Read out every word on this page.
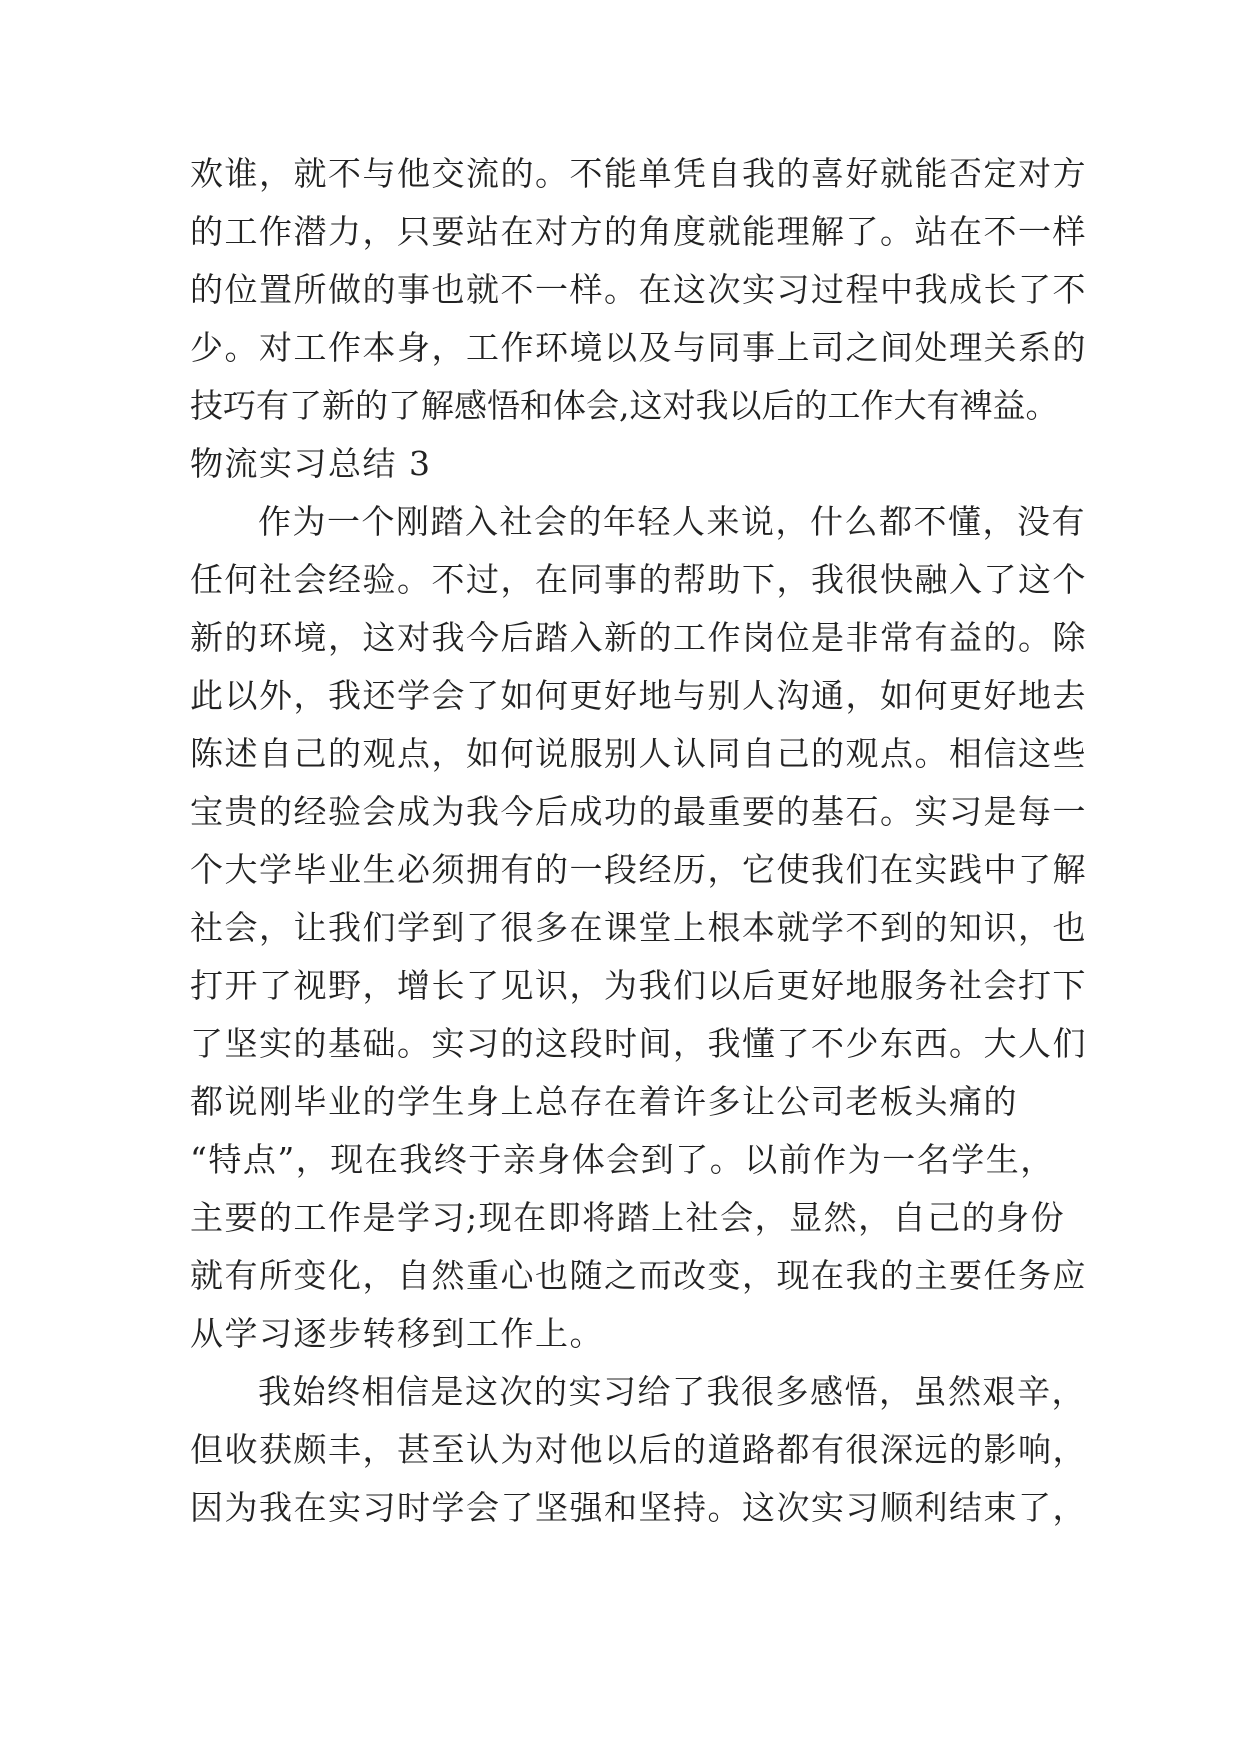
欢谁，就不与他交流的。不能单凭自我的喜好就能否定对方
的工作潜力，只要站在对方的角度就能理解了。站在不一样
的位置所做的事也就不一样。在这次实习过程中我成长了不
少。对工作本身，工作环境以及与同事上司之间处理关系的
技巧有了新的了解感悟和体会,这对我以后的工作大有裨益。
物流实习总结 3
作为一个刚踏入社会的年轻人来说，什么都不懂，没有
任何社会经验。不过，在同事的帮助下，我很快融入了这个
新的环境，这对我今后踏入新的工作岗位是非常有益的。除
此以外，我还学会了如何更好地与别人沟通，如何更好地去
陈述自己的观点，如何说服别人认同自己的观点。相信这些
宝贵的经验会成为我今后成功的最重要的基石。实习是每一
个大学毕业生必须拥有的一段经历，它使我们在实践中了解
社会，让我们学到了很多在课堂上根本就学不到的知识，也
打开了视野，增长了见识，为我们以后更好地服务社会打下
了坚实的基础。实习的这段时间，我懂了不少东西。大人们
都说刚毕业的学生身上总存在着许多让公司老板头痛的
“特点”，现在我终于亲身体会到了。以前作为一名学生，
主要的工作是学习;现在即将踏上社会，显然，自己的身份
就有所变化，自然重心也随之而改变，现在我的主要任务应
从学习逐步转移到工作上。
我始终相信是这次的实习给了我很多感悟，虽然艰辛，
但收获颇丰，甚至认为对他以后的道路都有很深远的影响，
因为我在实习时学会了坚强和坚持。这次实习顺利结束了，
